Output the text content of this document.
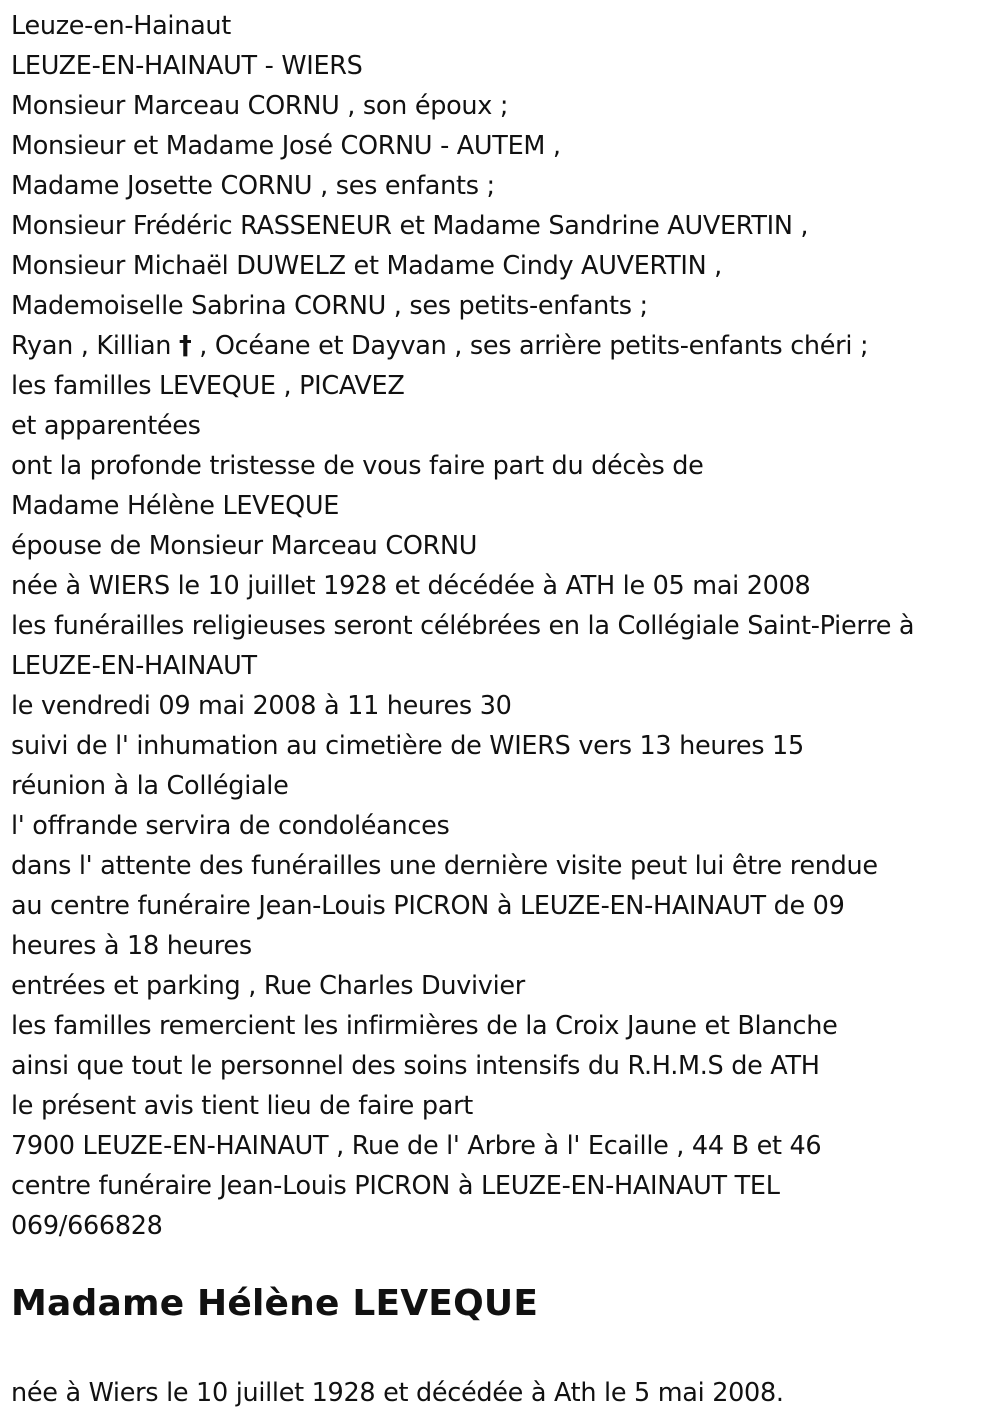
Leuze-en-Hainaut
LEUZE-EN-HAINAUT - WIERS
Monsieur Marceau CORNU , son époux ;
Monsieur et Madame José CORNU - AUTEM ,
Madame Josette CORNU , ses enfants ;
Monsieur Frédéric RASSENEUR et Madame Sandrine AUVERTIN ,
Monsieur Michaël DUWELZ et Madame Cindy AUVERTIN ,
Mademoiselle Sabrina CORNU , ses petits-enfants ;
Ryan , Killian † , Océane et Dayvan , ses arrière petits-enfants chéri ;
les familles LEVEQUE , PICAVEZ
et apparentées
ont la profonde tristesse de vous faire part du décès de
Madame Hélène LEVEQUE
épouse de Monsieur Marceau CORNU
née à WIERS le 10 juillet 1928 et décédée à ATH le 05 mai 2008
les funérailles religieuses seront célébrées en la Collégiale Saint-Pierre à
LEUZE-EN-HAINAUT
le vendredi 09 mai 2008 à 11 heures 30
suivi de l' inhumation au cimetière de WIERS vers 13 heures 15
réunion à la Collégiale
l' offrande servira de condoléances
dans l' attente des funérailles une dernière visite peut lui être rendue
au centre funéraire Jean-Louis PICRON à LEUZE-EN-HAINAUT de 09
heures à 18 heures
entrées et parking , Rue Charles Duvivier
les familles remercient les infirmières de la Croix Jaune et Blanche
ainsi que tout le personnel des soins intensifs du R.H.M.S de ATH
le présent avis tient lieu de faire part
7900 LEUZE-EN-HAINAUT , Rue de l' Arbre à l' Ecaille , 44 B et 46
centre funéraire Jean-Louis PICRON à LEUZE-EN-HAINAUT TEL
069/666828
Madame Hélène LEVEQUE
née à Wiers le 10 juillet 1928 et décédée à Ath le 5 mai 2008.
